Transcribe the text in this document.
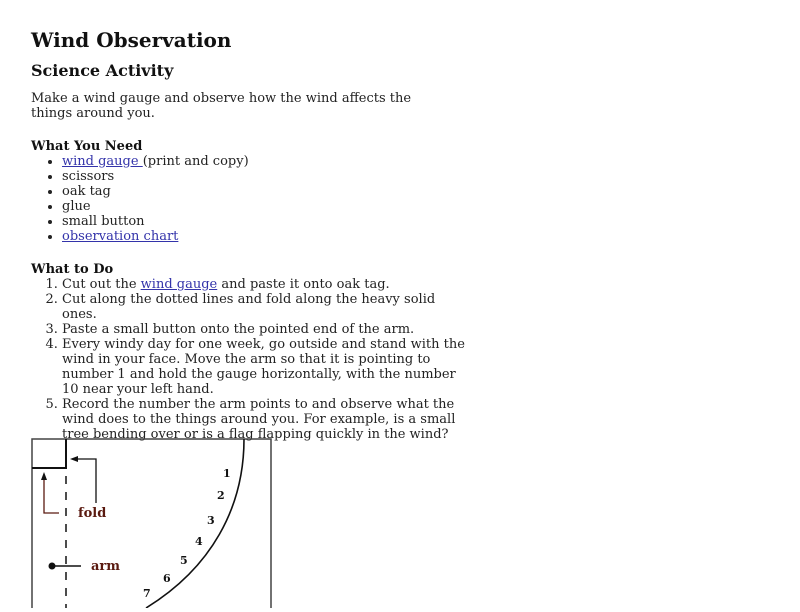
Wind Observation
Science Activity

Make a wind gauge and observe how the wind affects the things around you.

What You Need
• wind gauge (print and copy)
• scissors
• oak tag
• glue
• small button
• observation chart
What to Do
1. Cut out the wind gauge and paste it onto oak tag.
2. Cut along the dotted lines and fold along the heavy solid ones.
3. Paste a small button onto the pointed end of the arm.
4. Every windy day for one week, go outside and stand with the wind in your face. Move the arm so that it is pointing to number 1 and hold the gauge horizontally, with the number 10 near your left hand.
5. Record the number the arm points to and observe what the wind does to the things around you. For example, is a small tree bending over or is a flag flapping quickly in the wind?
fold
arm
1
2
3
4
5
6
7
